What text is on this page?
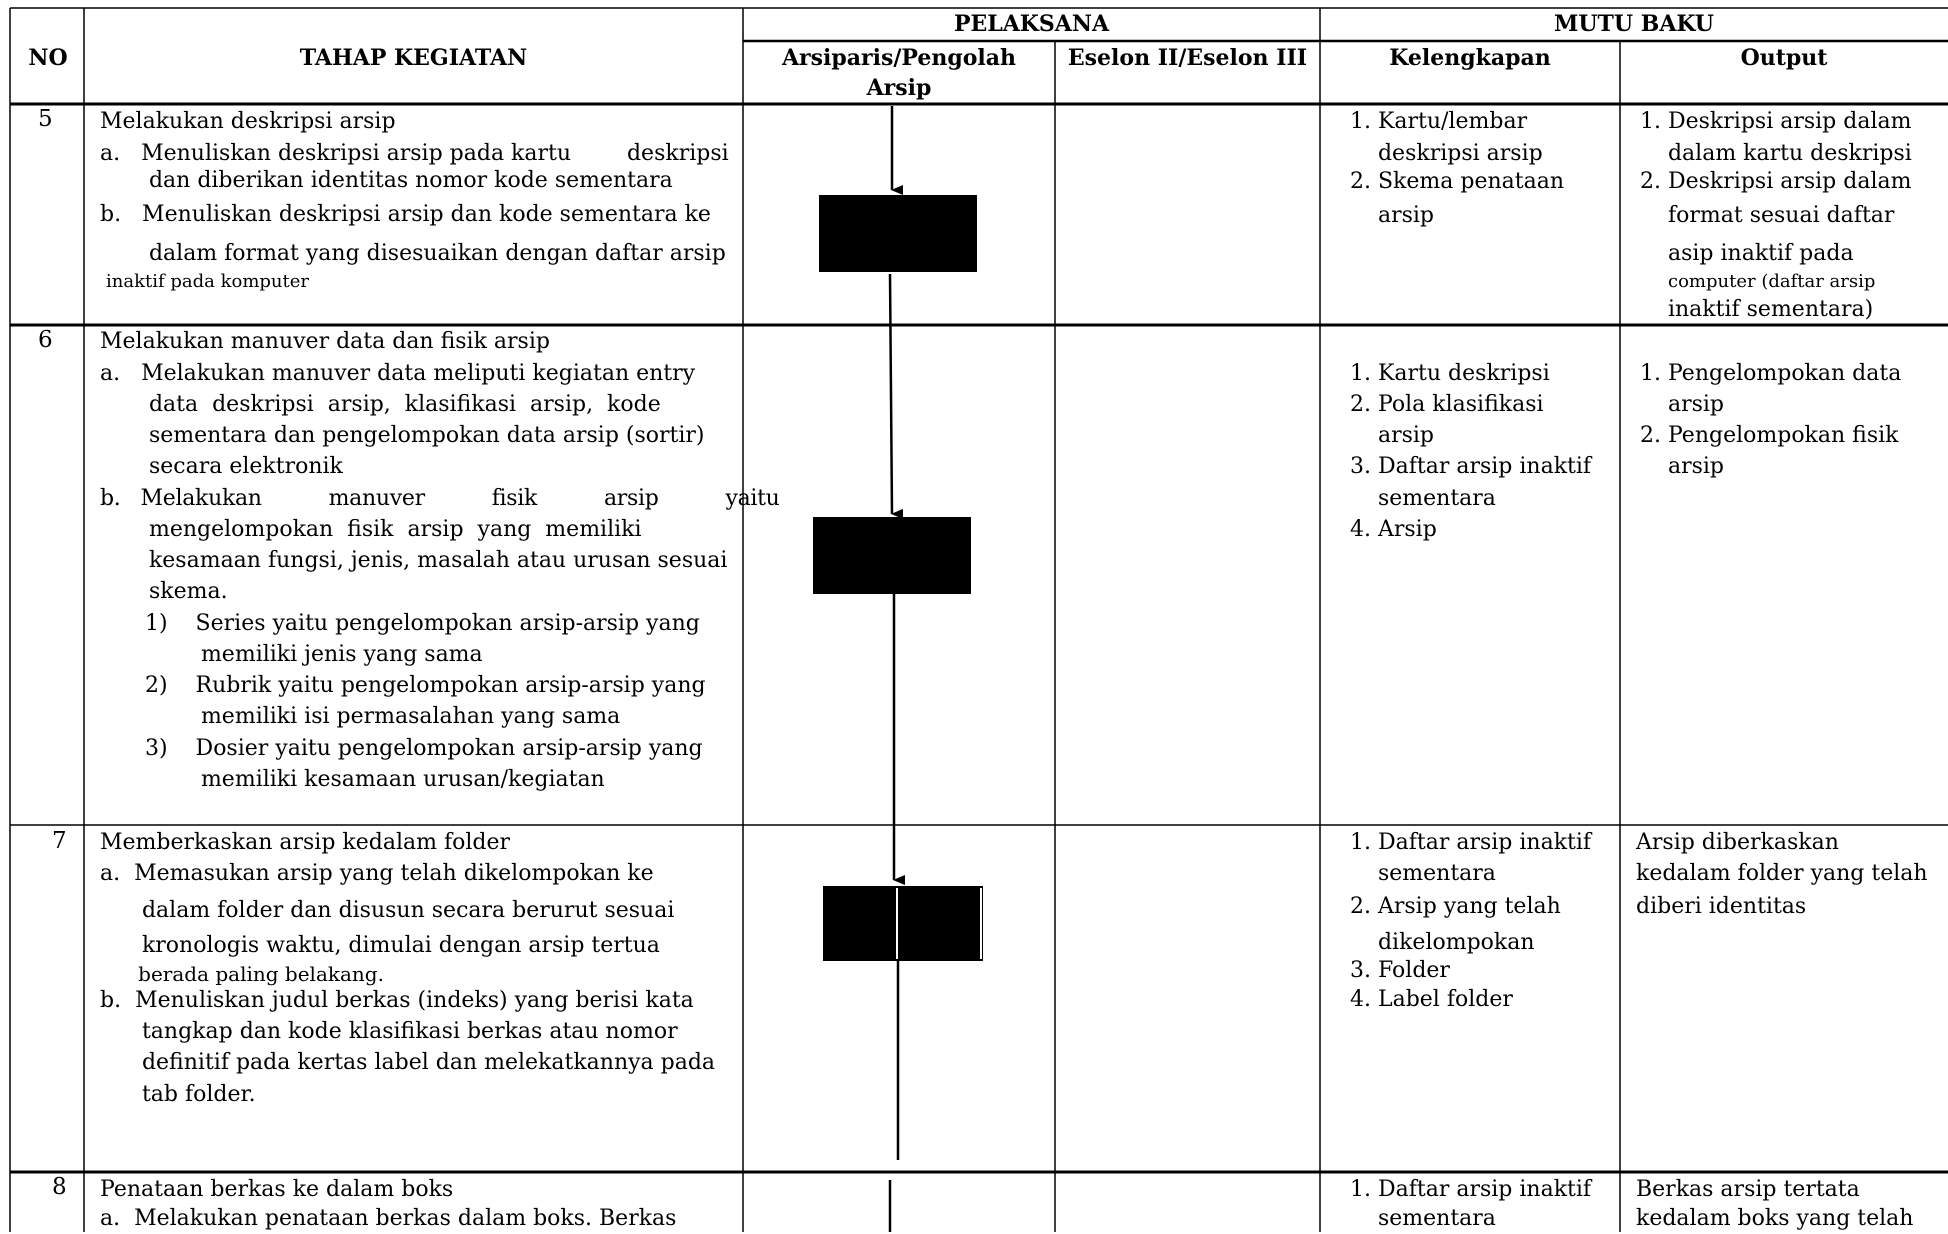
NO	TAHAP KEGIATAN
PELAKSANA
Arsiparis/Pengolah
Arsip
Eselon II/Eselon III
MUTU BAKU
Kelengkapan	Output
5 Melakukan deskripsi arsip
a.   Menuliskan deskripsi arsip pada kartu        deskripsi
dan diberikan identitas nomor kode sementara
b.   Menuliskan deskripsi arsip dan kode sementara ke
dalam format yang disesuaikan dengan daftar arsip
inaktif pada komputer
1. Kartu/lembar
deskripsi arsip
2. Skema penataan
arsip
1. Deskripsi arsip dalam
dalam kartu deskripsi
2. Deskripsi arsip dalam
format sesuai daftar
asip inaktif pada
computer (daftar arsip
inaktif sementara)
6 Melakukan manuver data dan fisik arsip
a.   Melakukan manuver data meliputi kegiatan entry
data  deskripsi  arsip,  klasifikasi  arsip,  kode
sementara dan pengelompokan data arsip (sortir)
secara elektronik
b.   Melakukan          manuver          fisik          arsip          yaitu
mengelompokan  fisik  arsip  yang  memiliki
kesamaan fungsi, jenis, masalah atau urusan sesuai
skema.
1)    Series yaitu pengelompokan arsip-arsip yang
memiliki jenis yang sama
2)    Rubrik yaitu pengelompokan arsip-arsip yang
memiliki isi permasalahan yang sama
3)    Dosier yaitu pengelompokan arsip-arsip yang
memiliki kesamaan urusan/kegiatan
1. Kartu deskripsi
2. Pola klasifikasi
arsip
3. Daftar arsip inaktif
sementara
4. Arsip
1. Pengelompokan data
arsip
2. Pengelompokan fisik
arsip
7 Memberkaskan arsip kedalam folder
a.  Memasukan arsip yang telah dikelompokan ke
dalam folder dan disusun secara berurut sesuai
kronologis waktu, dimulai dengan arsip tertua
berada paling belakang.
b.  Menuliskan judul berkas (indeks) yang berisi kata
tangkap dan kode klasifikasi berkas atau nomor
definitif pada kertas label dan melekatkannya pada
tab folder.
1. Daftar arsip inaktif
sementara
2. Arsip yang telah
dikelompokan
3. Folder
4. Label folder
Arsip diberkaskan
kedalam folder yang telah
diberi identitas
8 Penataan berkas ke dalam boks
a.  Melakukan penataan berkas dalam boks. Berkas
1. Daftar arsip inaktif
sementara
Berkas arsip tertata
kedalam boks yang telah
